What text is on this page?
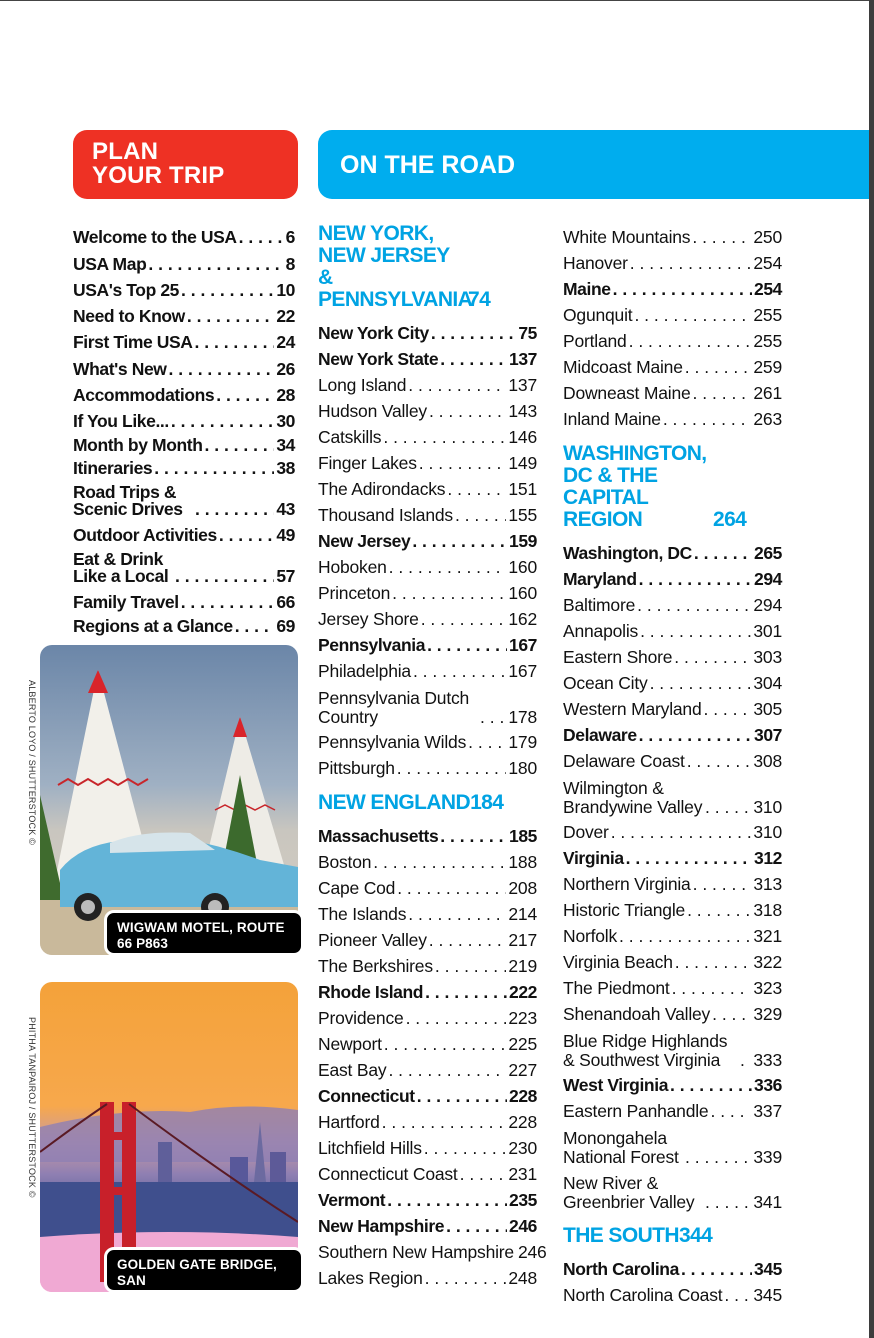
PLAN
YOUR TRIP	ON THE ROAD
Welcome to the USA . . .	6
USA Map . . .	8
USA's Top 25 . . .	10
Need to Know . . .	22
First Time USA . . .	24
What's New . . .	26
Accommodations . . .	28
If You Like... . . .	30
Month by Month . . .	34
Itineraries . . .	38
Road Trips & Scenic Drives . . .	43
Outdoor Activities . . .	49
Eat & Drink Like a Local . . .	57
Family Travel . . .	66
Regions at a Glance . . . 69
ALBERTO LOYO / SHUTTERSTOCK ©
WIGWAM MOTEL, ROUTE
66 P863
PHITHA TANPAIROJ / SHUTTERSTOCK ©
GOLDEN GATE BRIDGE, SAN
FRANCISCO P981
NEW YORK, NEW JERSEY & PENNSYLVANIA
74
New York City . . .	75
New York State . . .	137
Long Island . . .	137
Hudson Valley . . .	143
Catskills . . .	146
Finger Lakes . . .	149
The Adirondacks . . .	151
Thousand Islands . . .	155
New Jersey . . .	159
Hoboken . . .	160
Princeton . . .	160
Jersey Shore . . .	162
Pennsylvania . . .	167
Philadelphia . . .	167
Pennsylvania Dutch Country . . .	178
Pennsylvania Wilds . . . 179
Pittsburgh . . .	180
NEW ENGLAND 184
Massachusetts . . .	185
Boston . . .	188
Cape Cod . . .	208
The Islands . . .	214
Pioneer Valley . . .	217
The Berkshires . . .	219
Rhode Island . . .	222
Providence . . .	223
Newport . . .	225
East Bay . . .	227
Connecticut . . .	228
Hartford . . .	228
Litchfield Hills . . .	230
Connecticut Coast . . .	231
Vermont . . .	235
New Hampshire . . .	246
Southern New Hampshire 246
Lakes Region . . .	248
White Mountains . . .	250
Hanover . . .	254
Maine . . .	254
Ogunquit . . .	255
Portland . . .	255
Midcoast Maine . . .	259
Downeast Maine . . .	261
Inland Maine . . .	263
WASHINGTON, DC & THE CAPITAL REGION	264
Washington, DC . . .	265
Maryland . . .	294
Baltimore . . .	294
Annapolis . . .	301
Eastern Shore . . .	303
Ocean City . . .	304
Western Maryland . . .	305
Delaware . . .	307
Delaware Coast . . .	308
Wilmington & Brandywine Valley . . .	310
Dover . . .	310
Virginia . . .	312
Northern Virginia . . .	313
Historic Triangle . . .	318
Norfolk . . .	321
Virginia Beach . . .	322
The Piedmont . . .	323
Shenandoah Valley . . . 329
Blue Ridge Highlands & Southwest Virginia . . .	333
West Virginia . . .	336
Eastern Panhandle . . .	337
Monongahela National Forest . . .	339
New River & Greenbrier Valley . . .	341
THE SOUTH 344
North Carolina . . .	345
North Carolina Coast . . . 345
